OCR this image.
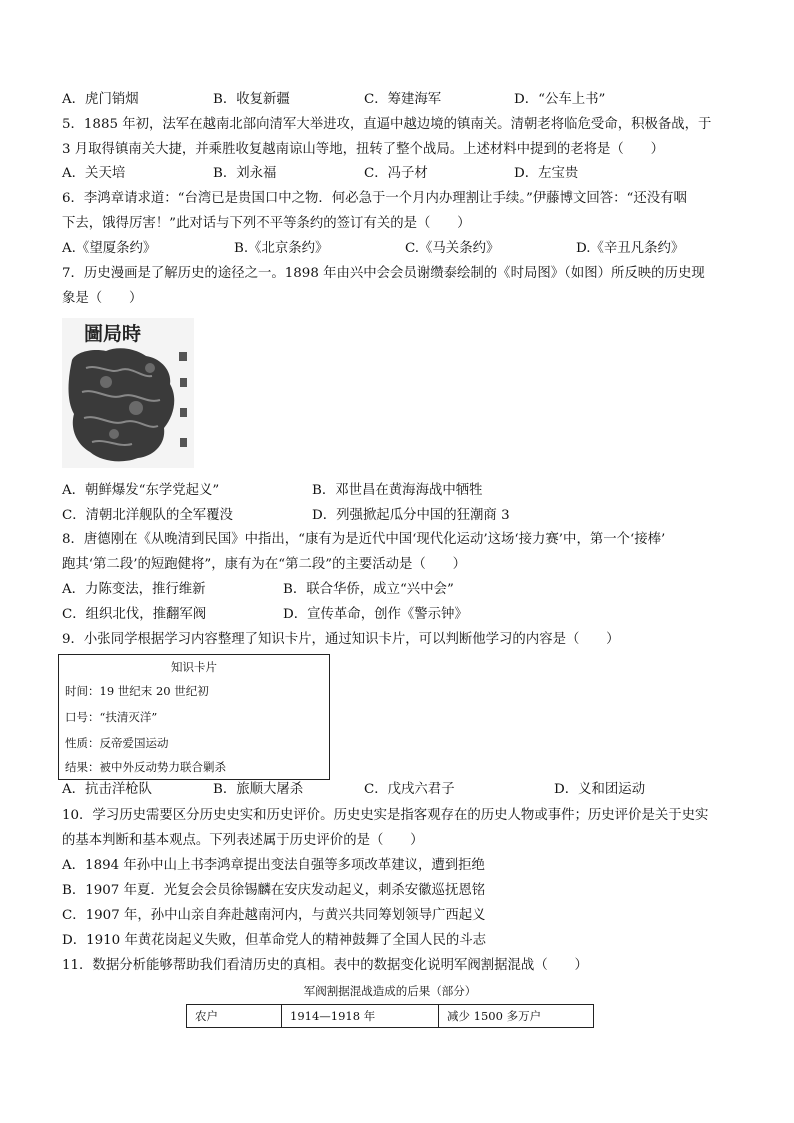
A．虎门销烟	B．收复新疆	C．筹建海军	D．“公车上书”
5．1885 年初，法军在越南北部向清军大举进攻，直逼中越边境的镇南关。清朝老将临危受命，积极备战，于
3 月取得镇南关大捷，并乘胜收复越南谅山等地，扭转了整个战局。上述材料中提到的老将是（　　）
A．关天培	B．刘永福	C．冯子材	D．左宝贵
6．李鸿章请求道：“台湾已是贵国口中之物．何必急于一个月内办理割让手续。”伊藤博文回答：“还没有咽
下去，饿得厉害！”此对话与下列不平等条约的签订有关的是（　　）
A.《望厦条约》	B.《北京条约》	C.《马关条约》	D.《辛丑凡条约》
7．历史漫画是了解历史的途径之一。1898 年由兴中会会员谢缵泰绘制的《时局图》（如图）所反映的历史现
象是（　　）
圖局時
A．朝鲜爆发“东学党起义”	B．邓世昌在黄海海战中牺牲
C．清朝北洋舰队的全军覆没	D．列强掀起瓜分中国的狂潮商 3
8．唐德刚在《从晚清到民国》中指出，“康有为是近代中国‘现代化运动’这场‘接力赛’中，第一个‘接棒’
跑其‘第二段’的短跑健将”，康有为在“第二段”的主要活动是（　　）
A．力陈变法，推行维新	B．联合华侨，成立“兴中会”
C．组织北伐，推翻军阀	D．宣传革命，创作《警示钟》
9．小张同学根据学习内容整理了知识卡片，通过知识卡片，可以判断他学习的内容是（　　）
知识卡片
时间：19 世纪末 20 世纪初
口号：“扶清灭洋”
性质：反帝爱国运动
结果：被中外反动势力联合剿杀
A．抗击洋枪队	B．旅顺大屠杀	C．戊戌六君子	D．义和团运动
10．学习历史需要区分历史史实和历史评价。历史史实是指客观存在的历史人物或事件；历史评价是关于史实
的基本判断和基本观点。下列表述属于历史评价的是（　　）
A．1894 年孙中山上书李鸿章提出变法自强等多项改革建议，遭到拒绝
B．1907 年夏．光复会会员徐锡麟在安庆发动起义，刺杀安徽巡抚恩铭
C．1907 年，孙中山亲自奔赴越南河内，与黄兴共同筹划领导广西起义
D．1910 年黄花岗起义失败，但革命党人的精神鼓舞了全国人民的斗志
11．数据分析能够帮助我们看清历史的真相。表中的数据变化说明军阀割据混战（　　）
军阀割据混战造成的后果（部分）
农户	1914—1918 年	减少 1500 多万户
